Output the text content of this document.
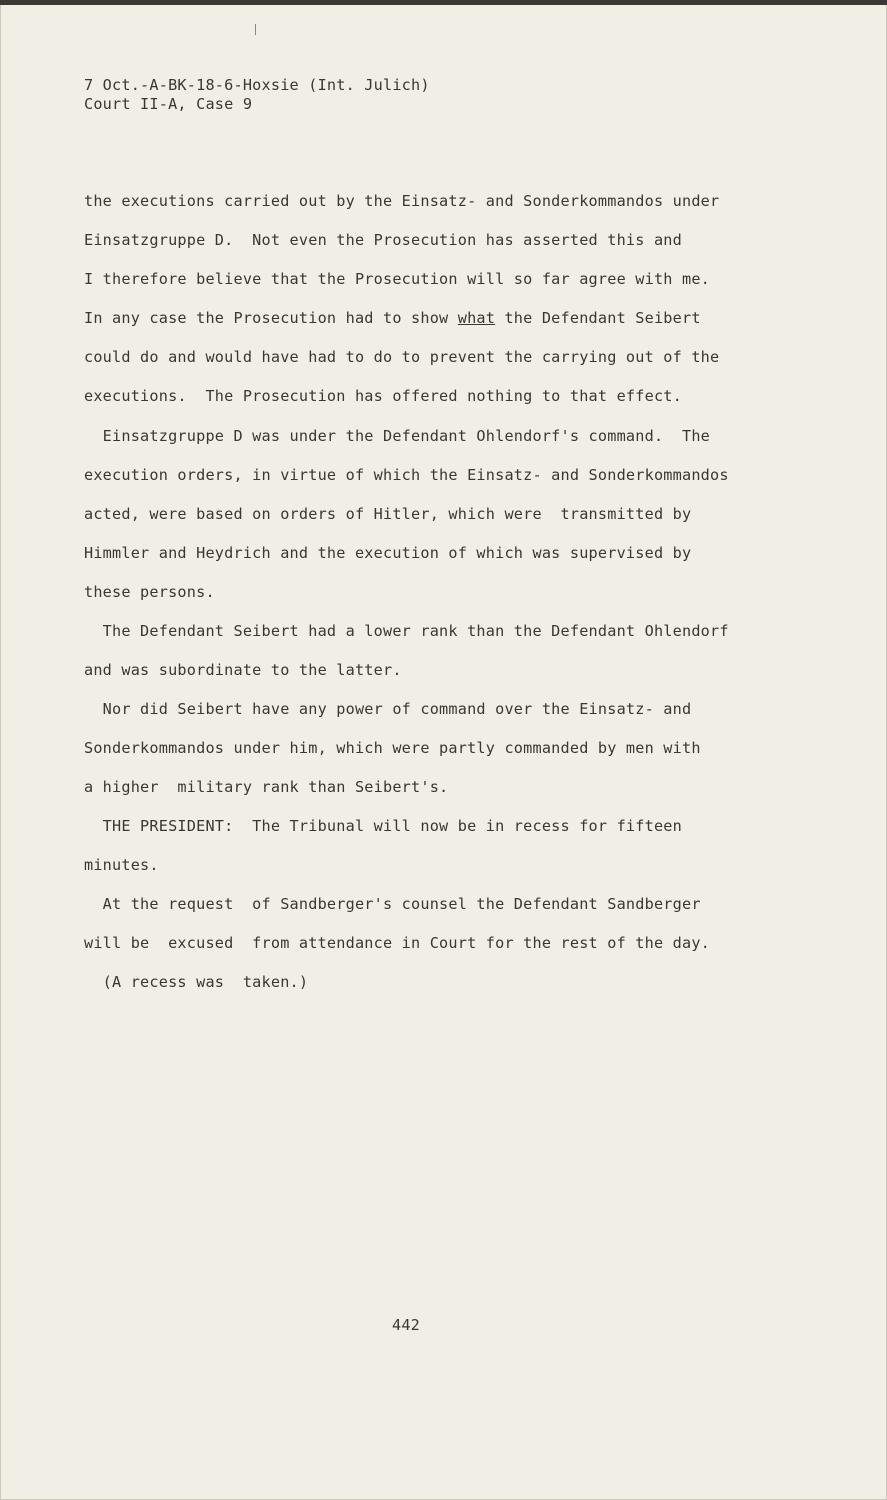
7 Oct.-A-BK-18-6-Hoxsie (Int. Julich)

Court II-A, Case 9

the executions carried out by the Einsatz- and Sonderkommandos under

Einsatzgruppe D.  Not even the Prosecution has asserted this and

I therefore believe that the Prosecution will so far agree with me.

In any case the Prosecution had to show what the Defendant Seibert

could do and would have had to do to prevent the carrying out of the

executions.  The Prosecution has offered nothing to that effect.

Einsatzgruppe D was under the Defendant Ohlendorf's command.  The

execution orders, in virtue of which the Einsatz- and Sonderkommandos

acted, were based on orders of Hitler, which were  transmitted by

Himmler and Heydrich and the execution of which was supervised by

these persons.

The Defendant Seibert had a lower rank than the Defendant Ohlendorf

and was subordinate to the latter.

Nor did Seibert have any power of command over the Einsatz- and

Sonderkommandos under him, which were partly commanded by men with

a higher  military rank than Seibert's.

THE PRESIDENT:  The Tribunal will now be in recess for fifteen

minutes.

At the request  of Sandberger's counsel the Defendant Sandberger

will be  excused  from attendance in Court for the rest of the day.

(A recess was  taken.)

442
